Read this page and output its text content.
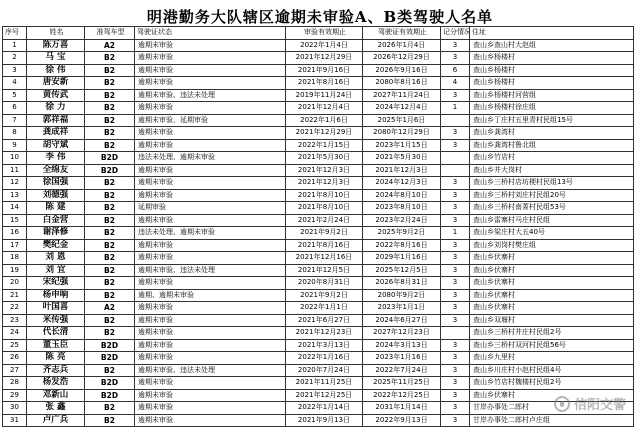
明港勤务大队辖区逾期未审验A、B类驾驶人名单
序号	姓名	准驾车型	驾驶证状态	审验有效期止	驾驶证有效期止	记分情况	住址
1	陈万喜	A2	逾期未审验	2022年1月4日	2026年1月4日	3	查山乡查山村大赵组
2	马 宝	B2	逾期未审验	2021年12月29日	2026年12月29日	3	查山乡杨楼村
3	徐 伟	B2	逾期未审验	2021年9月16日	2026年9月16日	6	查山乡杨楼村
4	唐安新	B2	逾期未审验	2021年8月16日	2080年8月16日	4	查山乡杨楼村
5	黄传武	B2	逾期未审验、违法未处理	2019年11月24日	2027年11月24日	3	查山乡杨楼村河营组
6	徐 力	B2	逾期未审验	2021年12月4日	2024年12月4日	1	查山乡杨楼村徐庄组
7	郭祥福	B2	逾期未审验、延期审验	2022年1月6日	2025年1月6日		查山乡丁庄村五里青村民组15号
8	龚成祥	B2	逾期未审验	2021年12月29日	2080年12月29日	3	查山乡龚湾村
9	胡守斌	B2	逾期未审验	2022年1月15日	2023年1月15日	3	查山乡龚湾村鲁北组
10	李 伟	B2D	违法未处理、逾期未审验	2021年5月30日	2021年5月30日		查山乡竹店村
11	全绵友	B2D	逾期未审验	2021年12月3日	2021年12月3日		查山乡井大岗村
12	徐国强	B2	逾期未审验	2021年12月3日	2024年12月3日	3	查山乡三桥村店坊梗村民组13号
13	刘德强	B2	逾期未审验	2021年8月10日	2024年8月10日	3	查山乡三桥村刘庄村民组20号
14	陈 建	B2	延期审验	2021年8月10日	2023年8月10日	3	查山乡三桥村南菁村民组53号
15	白金营	B2	逾期未审验	2021年2月24日	2023年2月24日	3	查山乡雷寨村马庄村民组
16	谢泽修	B2	违法未处理、逾期未审验	2021年9月2日	2025年9月2日	1	查山乡梁庄村大五40号
17	樊纪金	B2	逾期未审验	2021年8月16日	2022年8月16日	3	查山乡刘岗村樊庄组
18	刘 恩	B2	逾期未审验	2021年12月16日	2029年1月16日	3	查山乡伏寨村
19	刘 宜	B2	逾期未审验、违法未处理	2021年12月5日	2025年12月5日	3	查山乡伏寨村
20	宋纪强	B2	逾期未审验	2020年8月31日	2026年8月31日	3	查山乡伏寨村
21	杨申响	B2	逾期、逾期未审验	2021年9月2日	2080年9月2日	3	查山乡伏寨村
22	叶国喜	A2	逾期未审验	2022年1月1日	2023年1月1日	3	查山乡伏寨村
23	米传强	B2	逾期未审验	2021年6月27日	2024年6月27日	3	查山乡双堰村
24	代长清	B2	逾期未审验	2021年12月23日	2027年12月23日		查山乡三桥村井庄村民组2号
25	董玉臣	B2D	逾期未审验	2021年3月13日	2024年3月13日	3	查山乡三桥村双河村民组56号
26	陈 亮	B2D	逾期未审验	2022年1月16日	2023年1月16日	3	查山乡九里村
27	齐志兵	B2	逾期未审验、违法未处理	2020年7月24日	2022年7月24日	3	查山乡川庄村小赵村民组4号
28	杨发浩	B2D	逾期未审验	2021年11月25日	2025年11月25日	3	查山乡竹店村魏楼村民组2号
29	邓新山	B2D	逾期未审验	2021年12月25日	2022年12月25日	3	查山乡伏寨村
30	张 鑫	B2	逾期未审验	2022年1月14日	2031年1月14日	3	甘岸办事处二郎村
31	卢广兵	B2	逾期未审验	2021年9月13日	2022年9月13日	3	甘岸办事处二郎村卢庄组
信阳交警
